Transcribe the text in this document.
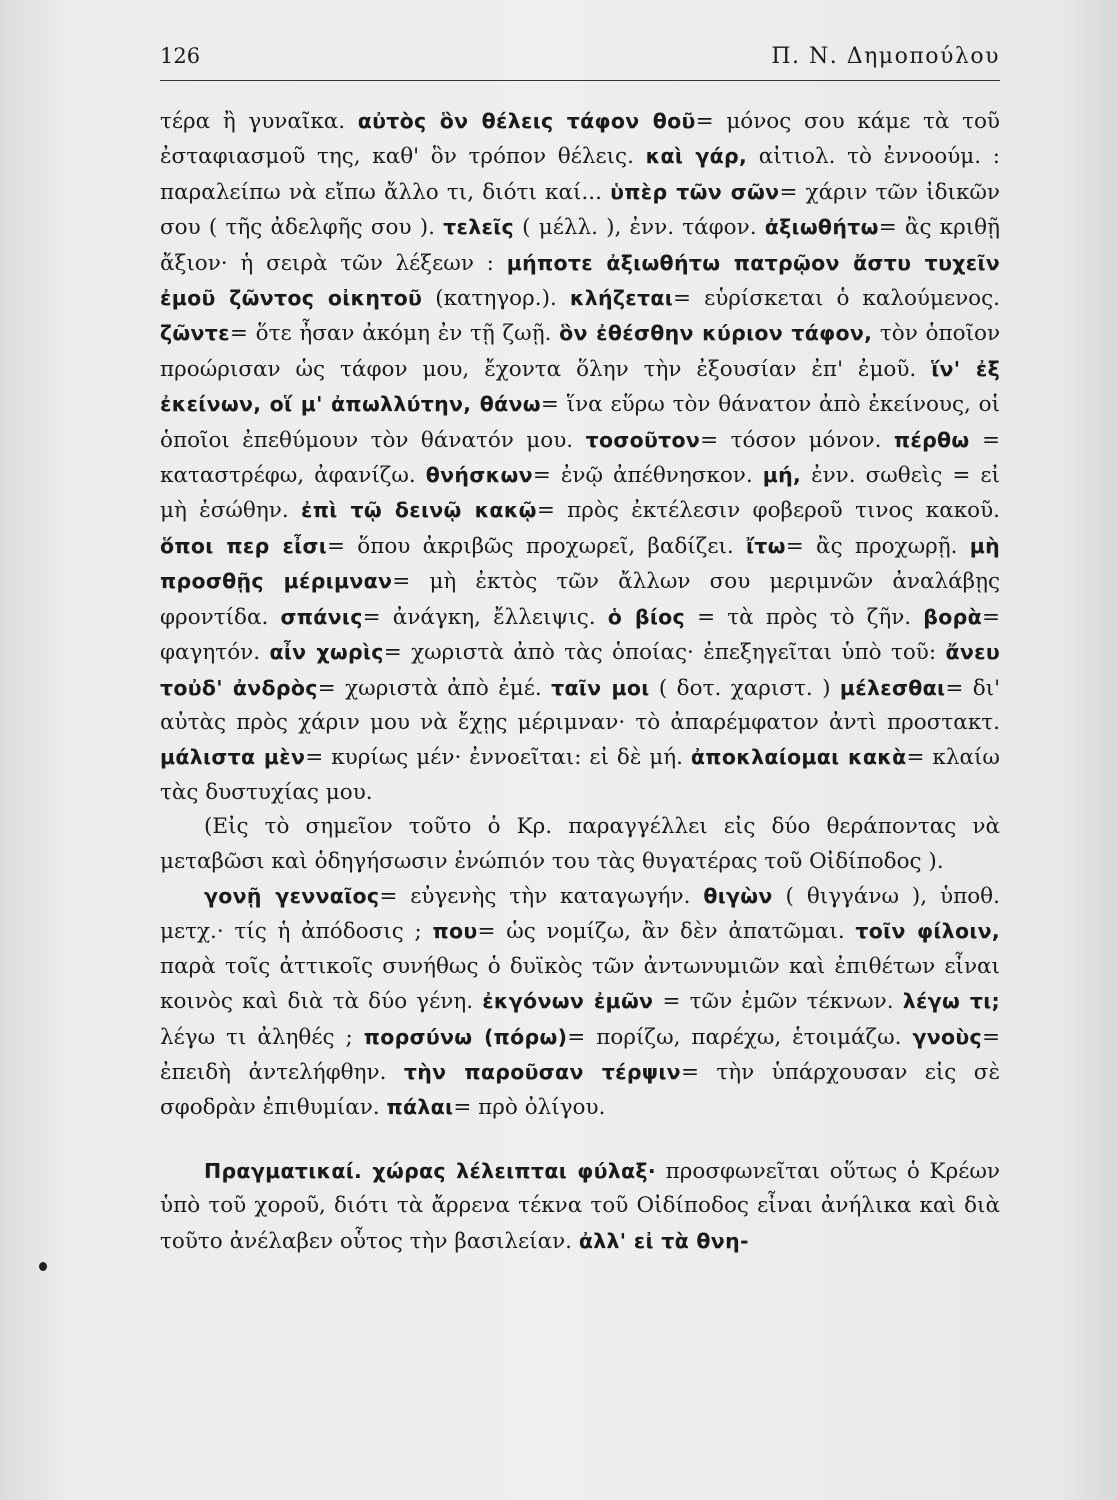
126	Π. Ν. Δημοπούλου

τέρα ἢ γυναῖκα. αὐτὸς ὃν θέλεις τάφον θοῦ= μόνος σου κάμε τὰ τοῦ ἐσταφιασμοῦ της, καθ' ὃν τρόπον θέλεις. καὶ γάρ, αἰτιολ. τὸ ἐννοούμ. : παραλείπω νὰ εἴπω ἄλλο τι, διότι καί... ὑπὲρ τῶν σῶν= χάριν τῶν ἰδικῶν σου ( τῆς ἀδελφῆς σου ). τελεῖς ( μέλλ. ), ἐνν. τάφον. ἀξιωθήτω= ἂς κριθῇ ἄξιον· ἡ σειρὰ τῶν λέξεων : μήποτε ἀξιωθήτω πατρῷον ἄστυ τυχεῖν ἐμοῦ ζῶντος οἰκητοῦ (κατηγορ.). κλήζεται= εὑρίσκεται ὁ καλούμενος. ζῶντε= ὅτε ἦσαν ἀκόμη ἐν τῇ ζωῇ. ὃν ἐθέσθην κύριον τάφον, τὸν ὁποῖον προώρισαν ὡς τάφον μου, ἔχοντα ὅλην τὴν ἐξουσίαν ἐπ' ἐμοῦ. ἵν' ἐξ ἐκείνων, οἵ μ' ἀπωλλύτην, θάνω= ἵνα εὕρω τὸν θάνατον ἀπὸ ἐκείνους, οἱ ὁποῖοι ἐπεθύμουν τὸν θάνατόν μου. τοσοῦτον= τόσον μόνον. πέρθω = καταστρέφω, ἀφανίζω. θνήσκων= ἐνῷ ἀπέθνησκον. μή, ἐνν. σωθεὶς = εἰ μὴ ἐσώθην. ἐπὶ τῷ δεινῷ κακῷ= πρὸς ἐκτέλεσιν φοβεροῦ τινος κακοῦ. ὅποι περ εἶσι= ὅπου ἀκριβῶς προχωρεῖ, βαδίζει. ἴτω= ἂς προχωρῇ. μὴ προσθῇς μέριμναν= μὴ ἐκτὸς τῶν ἄλλων σου μεριμνῶν ἀναλάβῃς φροντίδα. σπάνις= ἀνάγκη, ἔλλειψις. ὁ βίος = τὰ πρὸς τὸ ζῆν. βορὰ= φαγητόν. αἶν χωρὶς= χωριστὰ ἀπὸ τὰς ὁποίας· ἐπεξηγεῖται ὑπὸ τοῦ: ἄνευ τοὐδ' ἀνδρὸς= χωριστὰ ἀπὸ ἐμέ. ταῖν μοι ( δοτ. χαριστ. ) μέλεσθαι= δι' αὐτὰς πρὸς χάριν μου νὰ ἔχῃς μέριμναν· τὸ ἀπαρέμφατον ἀντὶ προστακτ. μάλιστα μὲν= κυρίως μέν· ἐννοεῖται: εἰ δὲ μή. ἀποκλαίομαι κακὰ= κλαίω τὰς δυστυχίας μου.

(Εἰς τὸ σημεῖον τοῦτο ὁ Κρ. παραγγέλλει εἰς δύο θεράποντας νὰ μεταβῶσι καὶ ὁδηγήσωσιν ἐνώπιόν του τὰς θυγατέρας τοῦ Οἰδίποδος ).

γονῇ γενναῖος= εὐγενὴς τὴν καταγωγήν. θιγὼν ( θιγγάνω ), ὑποθ. μετχ.· τίς ἡ ἀπόδοσις ; που= ὡς νομίζω, ἂν δὲν ἀπατῶμαι. τοῖν φίλοιν, παρὰ τοῖς ἀττικοῖς συνήθως ὁ δυϊκὸς τῶν ἀντωνυμιῶν καὶ ἐπιθέτων εἶναι κοινὸς καὶ διὰ τὰ δύο γένη. ἐκγόνων ἐμῶν = τῶν ἐμῶν τέκνων. λέγω τι; λέγω τι ἀληθές ; πορσύνω (πόρω)= πορίζω, παρέχω, ἑτοιμάζω. γνοὺς= ἐπειδὴ ἀντελήφθην. τὴν παροῦσαν τέρψιν= τὴν ὑπάρχουσαν εἰς σὲ σφοδρὰν ἐπιθυμίαν. πάλαι= πρὸ ὀλίγου.

Πραγματικαί. χώρας λέλειπται φύλαξ· προσφωνεῖται οὕτως ὁ Κρέων ὑπὸ τοῦ χοροῦ, διότι τὰ ἄρρενα τέκνα τοῦ Οἰδίποδος εἶναι ἀνήλικα καὶ διὰ τοῦτο ἀνέλαβεν οὗτος τὴν βασιλείαν. ἀλλ' εἰ τὰ θνη-
